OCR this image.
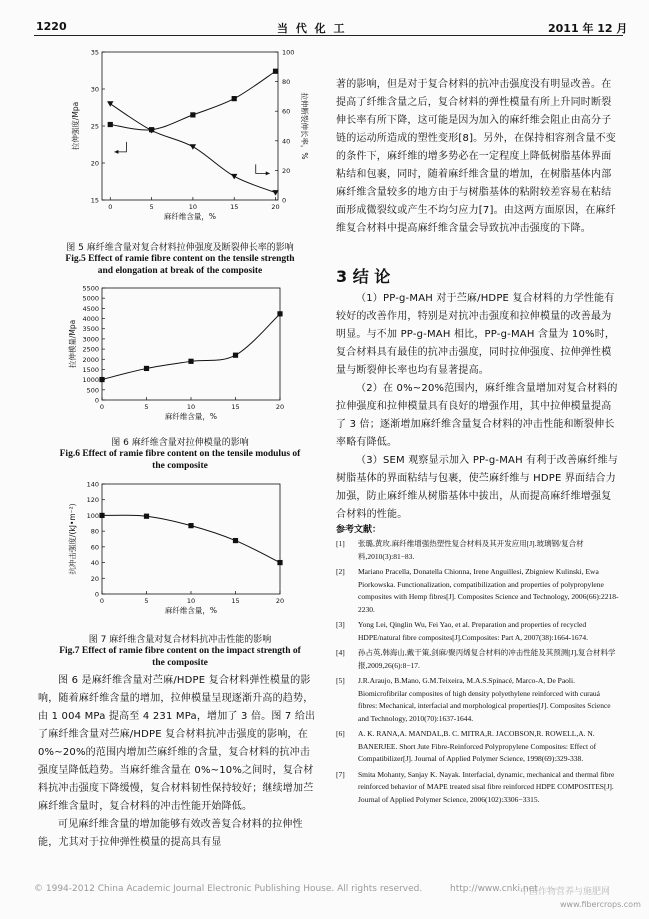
1220	当 代 化 工	2011 年 12 月
15
20
25
30
35
0
20
40
60
80
100
0	5	10	15	20
麻纤维含量，%
拉伸强度/Mpa	拉伸断裂伸长率，%
图 5 麻纤维含量对复合材料拉伸强度及断裂伸长率的影响
Fig.5 Effect of ramie fibre content on the tensile strength
and elongation at break of the composite
0
500
1000
1500
2000
2500
3000
3500
4000
4500
5000
5500
0	5	10	15	20
麻纤维含量，%
拉伸模量/Mpa
图 6 麻纤维含量对拉伸模量的影响
Fig.6 Effect of ramie fibre content on the tensile modulus of
the composite
0
20
40
60
80
100
120
140
0	5	10	15	20
麻纤维含量，%
抗冲击强度/(kJ•m⁻²)
图 7 麻纤维含量对复合材料抗冲击性能的影响
Fig.7 Effect of ramie fibre content on the impact strength of
the composite

图 6 是麻纤维含量对苎麻/HDPE 复合材料弹性模量的影响，随着麻纤维含量的增加，拉伸模量呈现逐渐升高的趋势，由 1 004 MPa 提高至 4 231 MPa，增加了 3 倍。图 7 给出了麻纤维含量对苎麻/HDPE 复合材料抗冲击强度的影响，在 0%~20%的范围内增加苎麻纤维的含量，复合材料的抗冲击强度呈降低趋势。当麻纤维含量在 0%~10%之间时，复合材料抗冲击强度下降缓慢，复合材料韧性保持较好；继续增加苎麻纤维含量时，复合材料的冲击性能开始降低。

可见麻纤维含量的增加能够有效改善复合材料的拉伸性能，尤其对于拉伸弹性模量的提高具有显

著的影响，但是对于复合材料的抗冲击强度没有明显改善。在提高了纤维含量之后，复合材料的弹性模量有所上升同时断裂伸长率有所下降，这可能是因为加入的麻纤维会阻止由高分子链的运动所造成的塑性变形[8]。另外，在保持相容剂含量不变的条件下，麻纤维的增多势必在一定程度上降低树脂基体界面粘结和包裹，同时，随着麻纤维含量的增加，在树脂基体内部麻纤维含量较多的地方由于与树脂基体的粘附较差容易在粘结面形成微裂纹或产生不均匀应力[7]。由这两方面原因，在麻纤维复合材料中提高麻纤维含量会导致抗冲击强度的下降。

3 结 论

（1）PP-g-MAH 对于苎麻/HDPE 复合材料的力学性能有较好的改善作用，特别是对抗冲击强度和拉伸模量的改善最为明显。与不加 PP-g-MAH 相比，PP-g-MAH 含量为 10%时，复合材料具有最佳的抗冲击强度，同时拉伸强度、拉伸弹性模量与断裂伸长率也均有显著提高。

（2）在 0%~20%范围内，麻纤维含量增加对复合材料的拉伸强度和拉伸模量具有良好的增强作用，其中拉伸模量提高了 3 倍；逐渐增加麻纤维含量复合材料的冲击性能和断裂伸长率略有降低。

（3）SEM 观察显示加入 PP-g-MAH 有利于改善麻纤维与树脂基体的界面粘结与包裹，使苎麻纤维与 HDPE 界面结合力加强，防止麻纤维从树脂基体中拔出，从而提高麻纤维增强复合材料的性能。

参考文献：
[1]	张璐,黄玫.麻纤维增强热塑性复合材料及其开发应用[J].玻璃钢/复合材料,2010(3):81−83.
[2]	Mariano Pracella, Donatella Chionna, Irene Anguillesi, Zbigniew Kulinski, Ewa Piorkowska. Functionalization, compatibilization and properties of polypropylene composites with Hemp fibres[J]. Composites Science and Technology, 2006(66):2218-2230.
[3]	Yong Lei, Qinglin Wu, Fei Yao, et al. Preparation and properties of recycled HDPE/natural fibre composites[J].Composites: Part A, 2007(38):1664-1674.
[4]	孙占英,韩海山,戴干策,剑麻/聚丙烯复合材料的冲击性能及其预测[J],复合材料学报,2009,26(6):8−17.
[5]	J.R.Araujo, B.Mano, G.M.Teixeira, M.A.S.Spinacé, Marco-A, De Paoli. Biomicrofibrilar composites of high density polyethylene reinforced with curauá fibres: Mechanical, interfacial and morphological properties[J]. Composites Science and Technology, 2010(70):1637-1644.
[6]	A. K. RANA,A. MANDAL,B. C. MITRA,R. JACOBSON,R. ROWELL,A. N. BANERJEE. Short Jute Fibre-Reinforced Polypropylene Composites: Effect of Compatibilizer[J]. Journal of Applied Polymer Science, 1998(69):329-338.
[7]	Smita Mohanty, Sanjay K. Nayak. Interfacial, dynamic, mechanical and thermal fibre reinforced behavior of MAPE treated sisal fibre reinforced HDPE COMPOSITES[J]. Journal of Applied Polymer Science, 2006(102):3306−3315.
© 1994-2012 China Academic Journal Electronic Publishing House. All rights reserved.	http://www.cnki.net
中国作物营养与施肥网
www.fibercrops.com
